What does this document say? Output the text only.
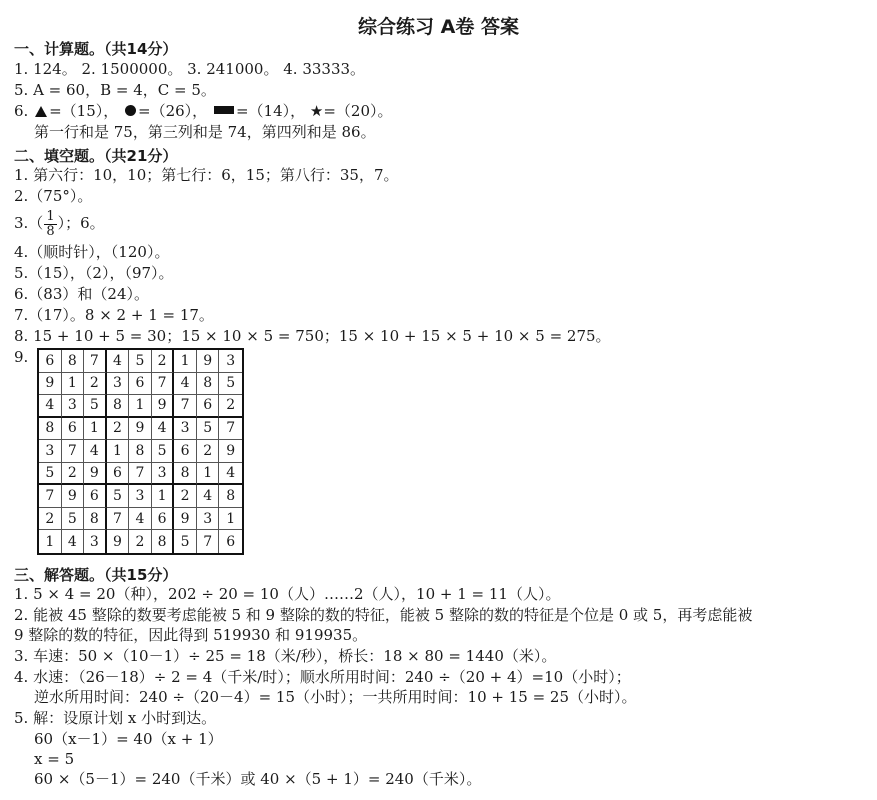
综合练习 A卷 答案
一、计算题。（共14分）
1. 124。 2. 1500000。 3. 241000。 4. 33333。
5. A = 60，B = 4，C = 5。
6. =（15）， =（26）， =（14）， ★=（20）。
第一行和是 75，第三列和是 74，第四列和是 86。
二、填空题。（共21分）
1. 第六行：10，10；第七行：6，15；第八行：35，7。
2.（75°）。
$3.( \frac{1}{8}$ ）；6。
4.（顺时针），（120）。
5.（15），（2），（97）。
6.（83）和（24）。
7.（17）。8 × 2 + 1 = 17。
8. 15 + 10 + 5 = 30；15 × 10 × 5 = 750；15 × 10 + 15 × 5 + 10 × 5 = 275。
9.	6 8 7	4 5 2	1 9	3
9 1 2	3 6 7	4 8	5
4 3 5	8 1 9	7 6	2
8 6 1	2 9 4	3 5	7
3 7 4	1 8 5	6 2	9
5 2 9	6 7 3	8 1	4
7 9 6	5 3 1	2 4	8
2 5 8	7 4 6	9 3	1
1 4 3	9 2 8	5 7	6
三、解答题。（共15分）
1. 5 × 4 = 20（种），202 ÷ 20 = 10（人）……2（人），10 + 1 = 11（人）。
2. 能被 45 整除的数要考虑能被 5 和 9 整除的数的特征，能被 5 整除的数的特征是个位是 0 或 5，再考虑能被
9 整除的数的特征，因此得到 519930 和 919935。
3. 车速：50 ×（10－1）÷ 25 = 18（米/秒），桥长：18 × 80 = 1440（米）。
4. 水速：（26－18）÷ 2 = 4（千米/时）；顺水所用时间：240 ÷（20 + 4）=10（小时）；
逆水所用时间：240 ÷（20－4）= 15（小时）；一共所用时间：10 + 15 = 25（小时）。
5. 解：设原计划 x 小时到达。
60（x－1）= 40（x + 1）
x = 5
60 ×（5－1）= 240（千米）或 40 ×（5 + 1）= 240（千米）。
